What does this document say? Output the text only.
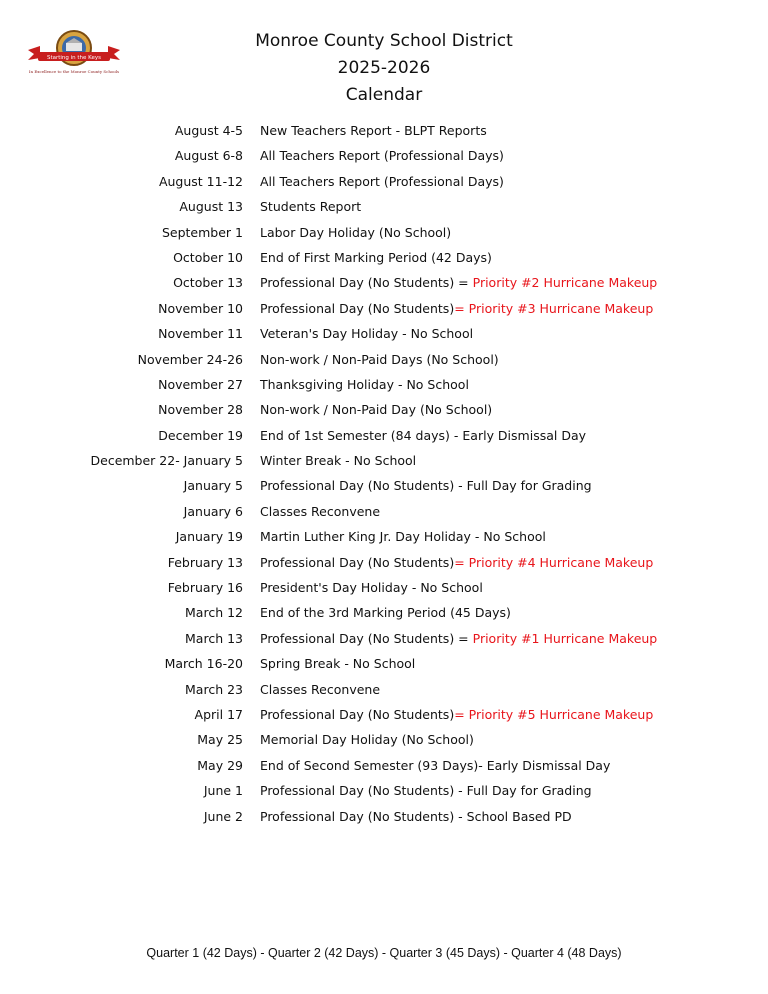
Starting in the Keys
In Excellence to the Monroe County Schools
Monroe County School District
2025-2026
Calendar
August 4-5 New Teachers Report - BLPT Reports
August 6-8 All Teachers Report (Professional Days)
August 11-12 All Teachers Report (Professional Days)
August 13 Students Report
September 1 Labor Day Holiday (No School)
October 10 End of First Marking Period (42 Days)
October 13 Professional Day (No Students) = Priority #2 Hurricane Makeup
November 10 Professional Day (No Students)= Priority #3 Hurricane Makeup
November 11 Veteran's Day Holiday - No School
November 24-26 Non-work / Non-Paid Days (No School)
November 27 Thanksgiving Holiday - No School
November 28 Non-work / Non-Paid Day (No School)
December 19 End of 1st Semester (84 days) - Early Dismissal Day
December 22- January 5 Winter Break - No School
January 5 Professional Day (No Students) - Full Day for Grading
January 6 Classes Reconvene
January 19 Martin Luther King Jr. Day Holiday - No School
February 13 Professional Day (No Students)= Priority #4 Hurricane Makeup
February 16 President's Day Holiday - No School
March 12 End of the 3rd Marking Period (45 Days)
March 13 Professional Day (No Students) = Priority #1 Hurricane Makeup
March 16-20 Spring Break - No School
March 23 Classes Reconvene
April 17 Professional Day (No Students)= Priority #5 Hurricane Makeup
May 25 Memorial Day Holiday (No School)
May 29 End of Second Semester (93 Days)- Early Dismissal Day
June 1 Professional Day (No Students) - Full Day for Grading
June 2 Professional Day (No Students) - School Based PD
Quarter 1 (42 Days) - Quarter 2 (42 Days) - Quarter 3 (45 Days) - Quarter 4 (48 Days)
